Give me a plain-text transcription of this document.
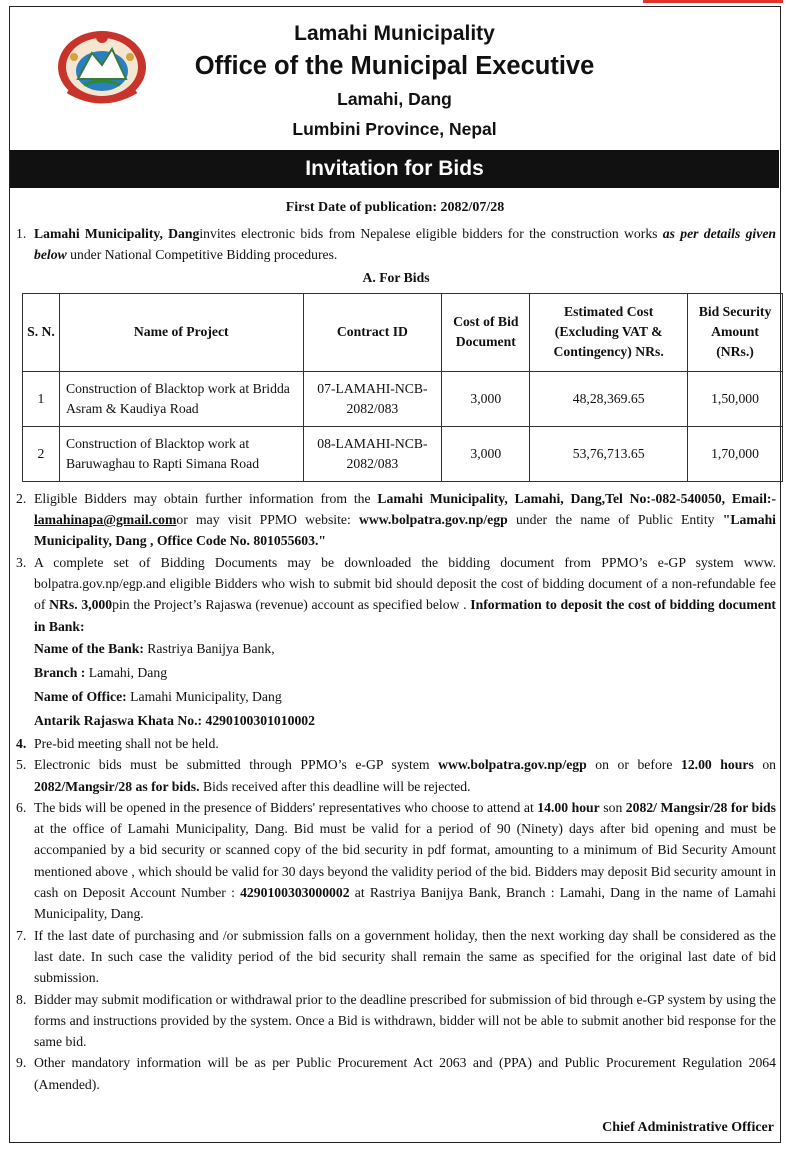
Lamahi Municipality
Office of the Municipal Executive
Lamahi, Dang
Lumbini Province, Nepal
Invitation for Bids
First Date of publication: 2082/07/28
1. Lamahi Municipality, Danginvites electronic bids from Nepalese eligible bidders for the construction works as per details given below under National Competitive Bidding procedures.
A. For Bids
S. N.	Name of Project	Contract ID	Cost of Bid Document	Estimated Cost (Excluding VAT & Contingency) NRs.	Bid Security Amount (NRs.)
1	Construction of Blacktop work at Bridda Asram & Kaudiya Road	07-LAMAHI-NCB-2082/083	3,000	48,28,369.65	1,50,000
2	Construction of Blacktop work at Baruwaghau to Rapti Simana Road	08-LAMAHI-NCB-2082/083	3,000	53,76,713.65	1,70,000
2. Eligible Bidders may obtain further information from the Lamahi Municipality, Lamahi, Dang,Tel No:-082-540050, Email:- lamahinapa@gmail.comor may visit PPMO website: www.bolpatra.gov.np/egp under the name of Public Entity "Lamahi Municipality, Dang , Office Code No. 801055603."
3. A complete set of Bidding Documents may be downloaded the bidding document from PPMO’s e-GP system www. bolpatra.gov.np/egp.and eligible Bidders who wish to submit bid should deposit the cost of bidding document of a non-refundable fee of NRs. 3,000pin the Project’s Rajaswa (revenue) account as specified below . Information to deposit the cost of bidding document in Bank:
Name of the Bank: Rastriya Banijya Bank,
Branch : Lamahi, Dang
Name of Office: Lamahi Municipality, Dang
Antarik Rajaswa Khata No.: 4290100301010002
4. Pre-bid meeting shall not be held.
5. Electronic bids must be submitted through PPMO’s e-GP system www.bolpatra.gov.np/egp on or before 12.00 hours on 2082/Mangsir/28 as for bids. Bids received after this deadline will be rejected.
6. The bids will be opened in the presence of Bidders' representatives who choose to attend at 14.00 hour son 2082/ Mangsir/28 for bids at the office of Lamahi Municipality, Dang. Bid must be valid for a period of 90 (Ninety) days after bid opening and must be accompanied by a bid security or scanned copy of the bid security in pdf format, amounting to a minimum of Bid Security Amount mentioned above , which should be valid for 30 days beyond the validity period of the bid. Bidders may deposit Bid security amount in cash on Deposit Account Number : 4290100303000002 at Rastriya Banijya Bank, Branch : Lamahi, Dang in the name of Lamahi Municipality, Dang.
7. If the last date of purchasing and /or submission falls on a government holiday, then the next working day shall be considered as the last date. In such case the validity period of the bid security shall remain the same as specified for the original last date of bid submission.
8. Bidder may submit modification or withdrawal prior to the deadline prescribed for submission of bid through e-GP system by using the forms and instructions provided by the system. Once a Bid is withdrawn, bidder will not be able to submit another bid response for the same bid.
9. Other mandatory information will be as per Public Procurement Act 2063 and (PPA) and Public Procurement Regulation 2064 (Amended).
Chief Administrative Officer
